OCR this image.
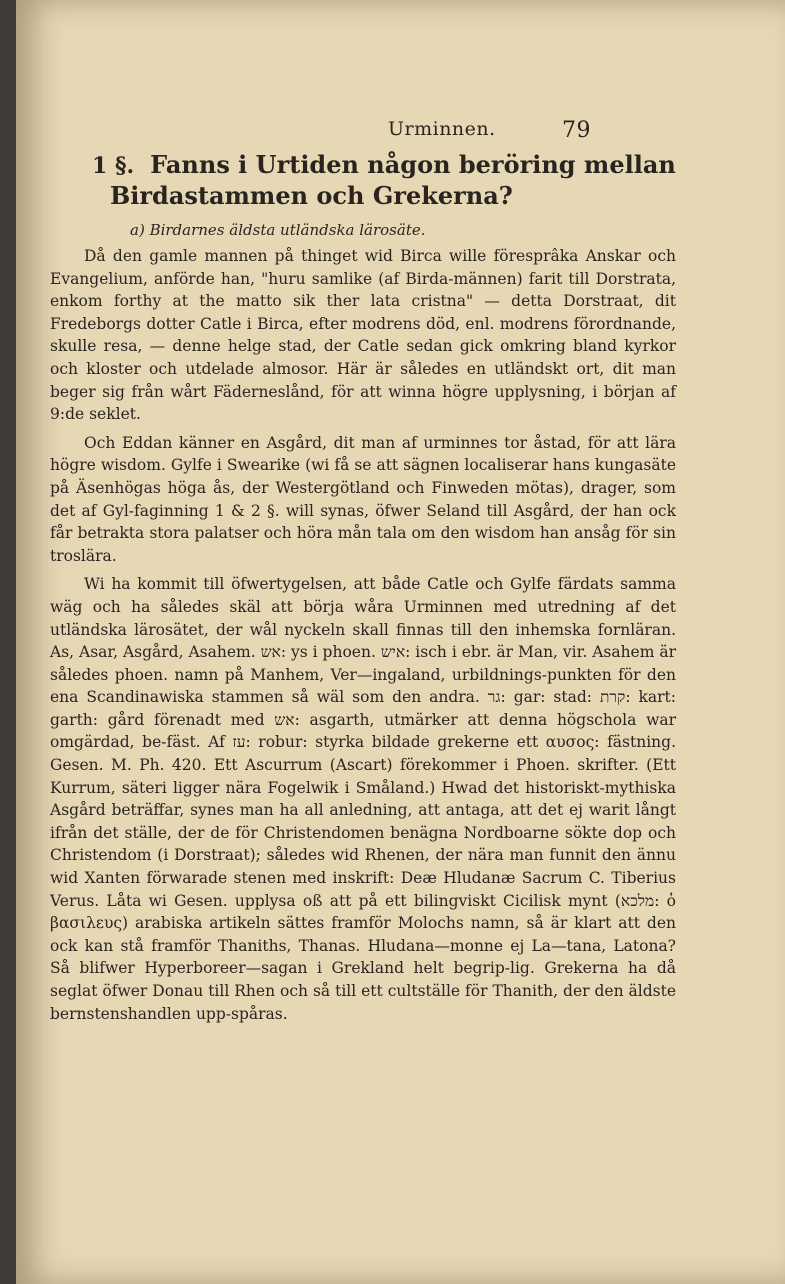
Urminnen.	79
1 §. Fanns i Urtiden någon beröring mellan Birdastammen och Grekerna?
a) Birdarnes äldsta utländska lärosäte.

Då den gamle mannen på thinget wid Birca wille föresprâka Anskar och Evangelium, anförde han, "huru samlike (af Birda-männen) farit till Dorstrata, enkom forthy at the matto sik ther lata cristna" — detta Dorstraat, dit Fredeborgs dotter Catle i Birca, efter modrens död, enl. modrens förordnande, skulle resa, — denne helge stad, der Catle sedan gick omkring bland kyrkor och kloster och utdelade almosor. Här är således en utländskt ort, dit man beger sig från wårt Fäderneslånd, för att winna högre upplysning, i början af 9:de seklet.

Och Eddan känner en Asgård, dit man af urminnes tor åstad, för att lära högre wisdom. Gylfe i Swearike (wi få se att sägnen localiserar hans kungasäte på Äsenhögas höga ås, der Westergötland och Finweden mötas), drager, som det af Gyl-faginning 1 & 2 §. will synas, öfwer Seland till Asgård, der han ock får betrakta stora palatser och höra mån tala om den wisdom han ansåg för sin troslära.

Wi ha kommit till öfwertygelsen, att både Catle och Gylfe färdats samma wäg och ha således skäl att börja wåra Urminnen med utredning af det utländska lärosätet, der wål nyckeln skall finnas till den inhemska fornläran. As, Asar, Asgård, Asahem. אש: ys i phoen. איש: isch i ebr. är Man, vir. Asahem är således phoen. namn på Manhem, Ver—ingaland, urbildnings-punkten för den ena Scandinawiska stammen så wäl som den andra. גר: gar: stad: קרת: kart: garth: gård förenadt med אש: asgarth, utmärker att denna högschola war omgärdad, be-fäst. Af עז: robur: styrka bildade grekerne ett αυσος: fästning. Gesen. M. Ph. 420. Ett Ascurrum (Ascart) förekommer i Phoen. skrifter. (Ett Kurrum, säteri ligger nära Fogelwik i Småland.) Hwad det historiskt-mythiska Asgård beträffar, synes man ha all anledning, att antaga, att det ej warit långt ifrån det ställe, der de för Christendomen benägna Nordboarne sökte dop och Christendom (i Dorstraat); således wid Rhenen, der nära man funnit den ännu wid Xanten förwarade stenen med inskrift: Deæ Hludanæ Sacrum C. Tiberius Verus. Låta wi Gesen. upplysa oß att på ett bilingviskt Cicilisk mynt (מלכא: ὁ βασιλευς) arabiska artikeln sättes framför Molochs namn, så är klart att den ock kan stå framför Thaniths, Thanas. Hludana—monne ej La—tana, Latona? Så blifwer Hyperboreer—sagan i Grekland helt begrip-lig. Grekerna ha då seglat öfwer Donau till Rhen och så till ett cultställe för Thanith, der den äldste bernstenshandlen upp-spåras.
